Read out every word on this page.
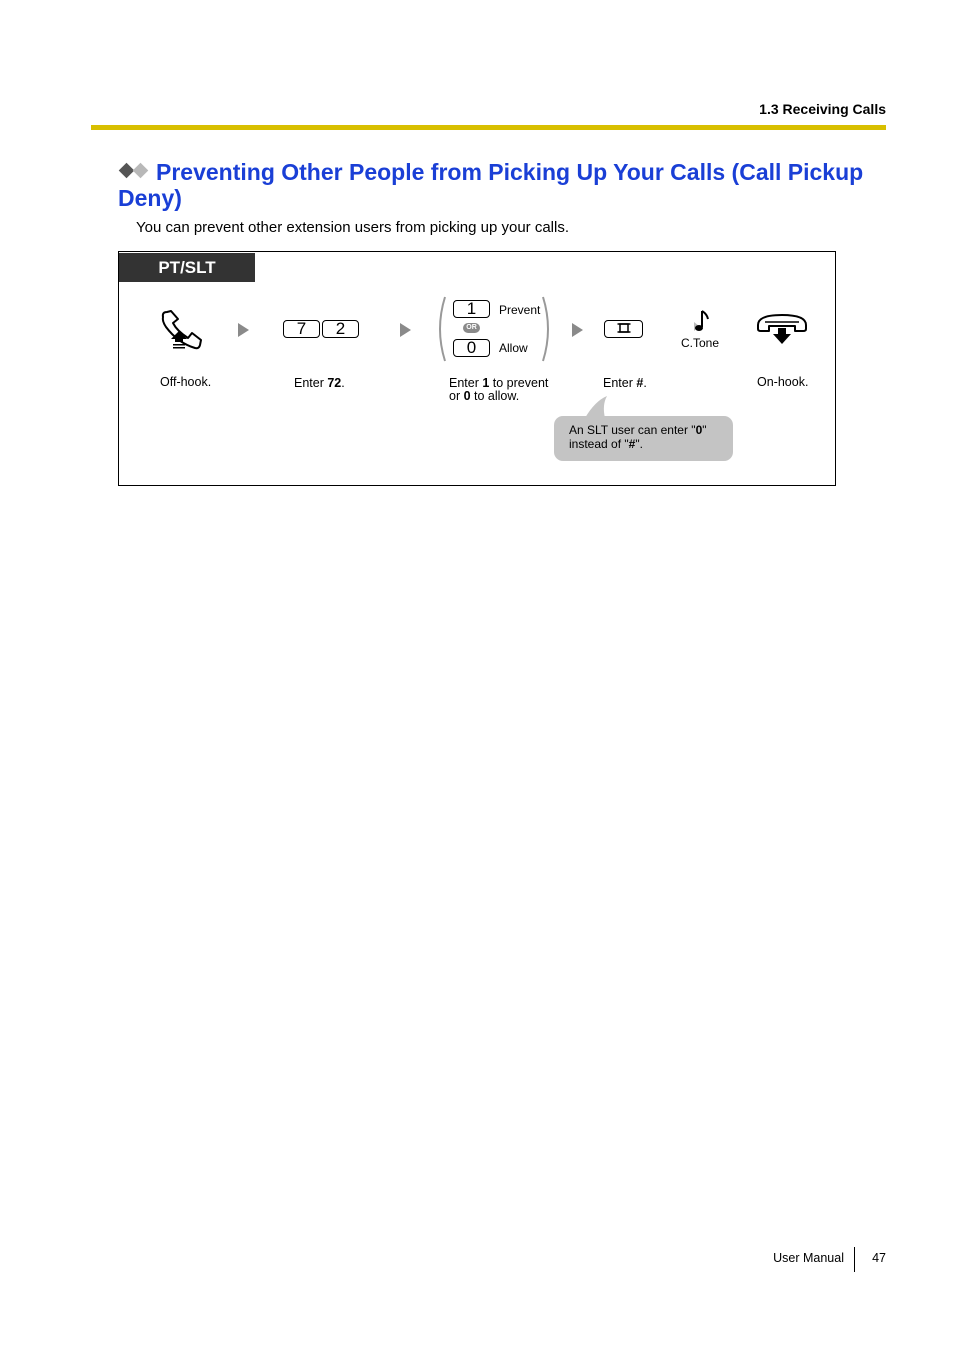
1.3 Receiving Calls
Preventing Other People from Picking Up Your Calls (Call Pickup Deny)
You can prevent other extension users from picking up your calls.
PT/SLT
Off-hook.
7	2
Enter 72.
1	Prevent
OR
0	Allow
Enter 1 to prevent
or 0 to allow.
Enter #.
C.Tone
On-hook.
An SLT user can enter "0"
instead of "#".
User Manual 47
